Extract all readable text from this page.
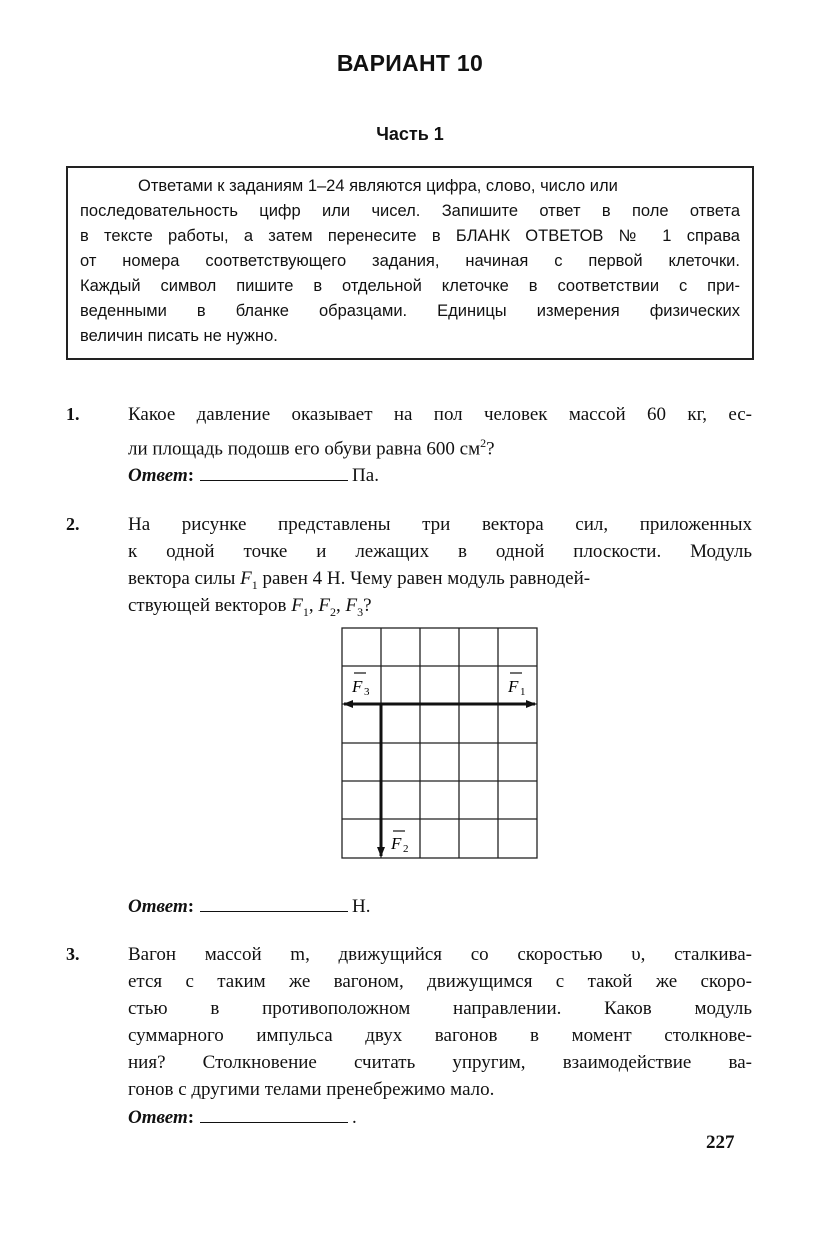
ВАРИАНТ 10
Часть 1
Ответами к заданиям 1–24 являются цифра, слово, число или
последовательность цифр или чисел. Запишите ответ в поле ответа
в тексте работы, а затем перенесите в БЛАНК ОТВЕТОВ № 1 справа
от номера соответствующего задания, начиная с первой клеточки.
Каждый символ пишите в отдельной клеточке в соответствии с при-
веденными в бланке образцами. Единицы измерения физических
величин писать не нужно.
1.	Какое давление оказывает на пол человек массой 60 кг, ес-
ли площадь подошв его обуви равна 600 $см^2$?
Ответ:	Па.
2.	На рисунке представлены три вектора сил, приложенных
к одной точке и лежащих в одной плоскости. Модуль
вектора силы $F_1$ равен 4 Н. Чему равен модуль равнодей-
ствующей векторов $F_1$, $F_2$, $F_3$?
F 3	F 1
F 2
Ответ:	Н.
3.	Вагон массой m, движущийся со скоростью υ, сталкива-
ется с таким же вагоном, движущимся с такой же скоро-
стью в противоположном направлении. Каков модуль
суммарного импульса двух вагонов в момент столкнове-
ния? Столкновение считать упругим, взаимодействие ва-
гонов с другими телами пренебрежимо мало.
Ответ:	.
227
